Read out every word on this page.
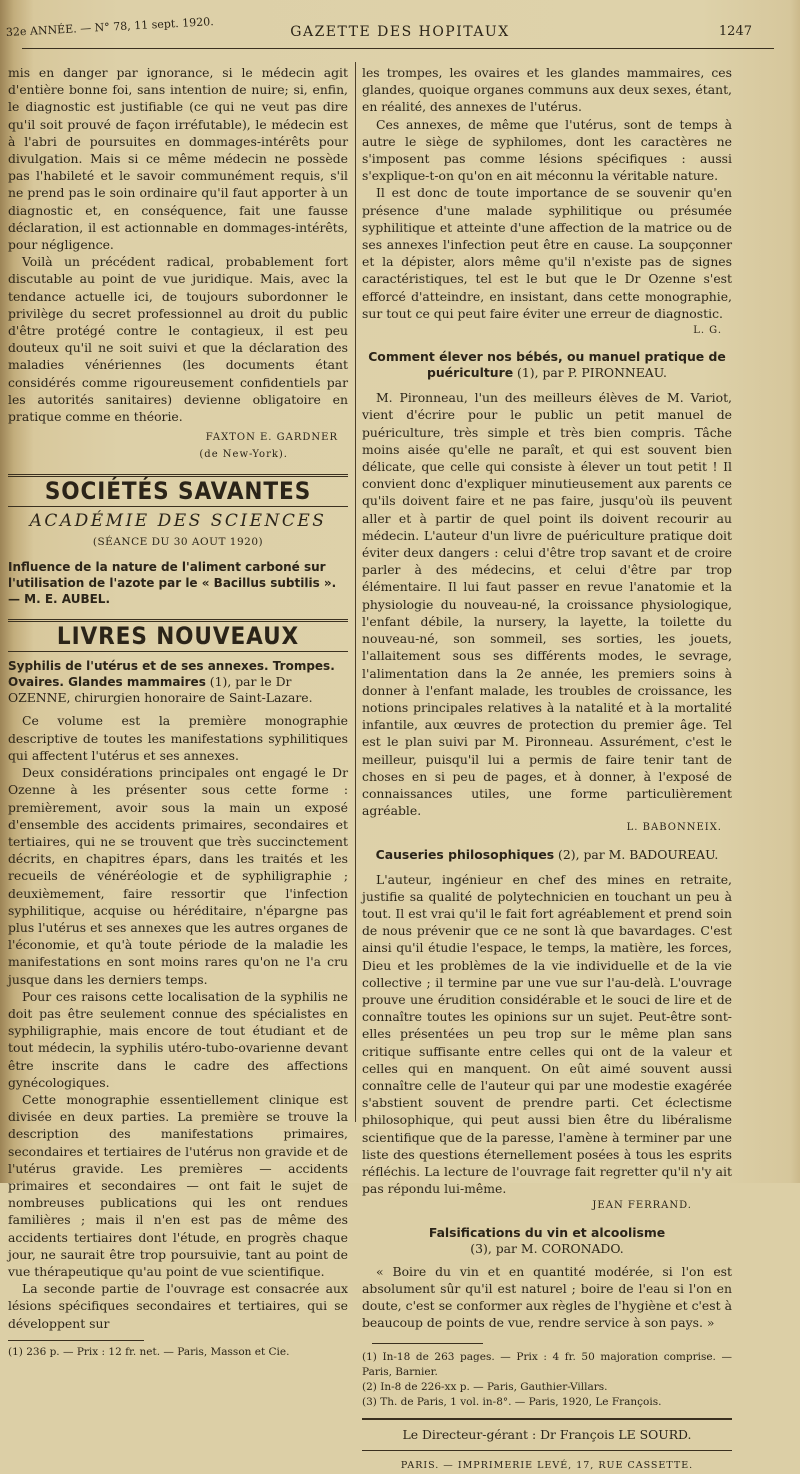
32e ANNÉE. — N° 78, 11 sept. 1920.	GAZETTE DES HOPITAUX	1247

mis en danger par ignorance, si le médecin agit d'entière bonne foi, sans intention de nuire; si, enfin, le diagnostic est justifiable (ce qui ne veut pas dire qu'il soit prouvé de façon irréfutable), le médecin est à l'abri de poursuites en dommages-intérêts pour divulgation. Mais si ce même médecin ne possède pas l'habileté et le savoir communément requis, s'il ne prend pas le soin ordinaire qu'il faut apporter à un diagnostic et, en conséquence, fait une fausse déclaration, il est actionnable en dommages-intérêts, pour négligence.

Voilà un précédent radical, probablement fort discutable au point de vue juridique. Mais, avec la tendance actuelle ici, de toujours subordonner le privilège du secret professionnel au droit du public d'être protégé contre le contagieux, il est peu douteux qu'il ne soit suivi et que la déclaration des maladies vénériennes (les documents étant considérés comme rigoureusement confidentiels par les autorités sanitaires) devienne obligatoire en pratique comme en théorie.

FAXTON E. GARDNER
(de New-York).
SOCIÉTÉS SAVANTES
ACADÉMIE DES SCIENCES
(SÉANCE DU 30 AOUT 1920)
Influence de la nature de l'aliment carboné sur l'utilisation de l'azote par le « Bacillus subtilis ». — M. E. AUBEL.
LIVRES NOUVEAUX
Syphilis de l'utérus et de ses annexes. Trompes. Ovaires. Glandes mammaires (1), par le Dr OZENNE, chirurgien honoraire de Saint-Lazare.

Ce volume est la première monographie descriptive de toutes les manifestations syphilitiques qui affectent l'utérus et ses annexes.

Deux considérations principales ont engagé le Dr Ozenne à les présenter sous cette forme : premièrement, avoir sous la main un exposé d'ensemble des accidents primaires, secondaires et tertiaires, qui ne se trouvent que très succinctement décrits, en chapitres épars, dans les traités et les recueils de vénéréologie et de syphiligraphie ; deuxièmement, faire ressortir que l'infection syphilitique, acquise ou héréditaire, n'épargne pas plus l'utérus et ses annexes que les autres organes de l'économie, et qu'à toute période de la maladie les manifestations en sont moins rares qu'on ne l'a cru jusque dans les derniers temps.

Pour ces raisons cette localisation de la syphilis ne doit pas être seulement connue des spécialistes en syphiligraphie, mais encore de tout étudiant et de tout médecin, la syphilis utéro-tubo-ovarienne devant être inscrite dans le cadre des affections gynécologiques.

Cette monographie essentiellement clinique est divisée en deux parties. La première se trouve la description des manifestations primaires, secondaires et tertiaires de l'utérus non gravide et de l'utérus gravide. Les premières — accidents primaires et secondaires — ont fait le sujet de nombreuses publications qui les ont rendues familières ; mais il n'en est pas de même des accidents tertiaires dont l'étude, en progrès chaque jour, ne saurait être trop poursuivie, tant au point de vue thérapeutique qu'au point de vue scientifique.

La seconde partie de l'ouvrage est consacrée aux lésions spécifiques secondaires et tertiaires, qui se développent sur

(1) 236 p. — Prix : 12 fr. net. — Paris, Masson et Cie.

les trompes, les ovaires et les glandes mammaires, ces glandes, quoique organes communs aux deux sexes, étant, en réalité, des annexes de l'utérus.

Ces annexes, de même que l'utérus, sont de temps à autre le siège de syphilomes, dont les caractères ne s'imposent pas comme lésions spécifiques : aussi s'explique-t-on qu'on en ait méconnu la véritable nature.

Il est donc de toute importance de se souvenir qu'en présence d'une malade syphilitique ou présumée syphilitique et atteinte d'une affection de la matrice ou de ses annexes l'infection peut être en cause. La soupçonner et la dépister, alors même qu'il n'existe pas de signes caractéristiques, tel est le but que le Dr Ozenne s'est efforcé d'atteindre, en insistant, dans cette monographie, sur tout ce qui peut faire éviter une erreur de diagnostic.

L. G.
Comment élever nos bébés, ou manuel pratique de puériculture (1), par P. PIRONNEAU.

M. Pironneau, l'un des meilleurs élèves de M. Variot, vient d'écrire pour le public un petit manuel de puériculture, très simple et très bien compris. Tâche moins aisée qu'elle ne paraît, et qui est souvent bien délicate, que celle qui consiste à élever un tout petit ! Il convient donc d'expliquer minutieusement aux parents ce qu'ils doivent faire et ne pas faire, jusqu'où ils peuvent aller et à partir de quel point ils doivent recourir au médecin. L'auteur d'un livre de puériculture pratique doit éviter deux dangers : celui d'être trop savant et de croire parler à des médecins, et celui d'être par trop élémentaire. Il lui faut passer en revue l'anatomie et la physiologie du nouveau-né, la croissance physiologique, l'enfant débile, la nursery, la layette, la toilette du nouveau-né, son sommeil, ses sorties, les jouets, l'allaitement sous ses différents modes, le sevrage, l'alimentation dans la 2e année, les premiers soins à donner à l'enfant malade, les troubles de croissance, les notions principales relatives à la natalité et à la mortalité infantile, aux œuvres de protection du premier âge. Tel est le plan suivi par M. Pironneau. Assurément, c'est le meilleur, puisqu'il lui a permis de faire tenir tant de choses en si peu de pages, et à donner, à l'exposé de connaissances utiles, une forme particulièrement agréable.

L. BABONNEIX.
Causeries philosophiques (2), par M. BADOUREAU.

L'auteur, ingénieur en chef des mines en retraite, justifie sa qualité de polytechnicien en touchant un peu à tout. Il est vrai qu'il le fait fort agréablement et prend soin de nous prévenir que ce ne sont là que bavardages. C'est ainsi qu'il étudie l'espace, le temps, la matière, les forces, Dieu et les problèmes de la vie individuelle et de la vie collective ; il termine par une vue sur l'au-delà. L'ouvrage prouve une érudition considérable et le souci de lire et de connaître toutes les opinions sur un sujet. Peut-être sont-elles présentées un peu trop sur le même plan sans critique suffisante entre celles qui ont de la valeur et celles qui en manquent. On eût aimé souvent aussi connaître celle de l'auteur qui par une modestie exagérée s'abstient souvent de prendre parti. Cet éclectisme philosophique, qui peut aussi bien être du libéralisme scientifique que de la paresse, l'amène à terminer par une liste des questions éternellement posées à tous les esprits réfléchis. La lecture de l'ouvrage fait regretter qu'il n'y ait pas répondu lui-même.

JEAN FERRAND.
Falsifications du vin et alcoolisme
(3), par M. CORONADO.

« Boire du vin et en quantité modérée, si l'on est absolument sûr qu'il est naturel ; boire de l'eau si l'on en doute, c'est se conformer aux règles de l'hygiène et c'est à beaucoup de points de vue, rendre service à son pays. »

(1) In-18 de 263 pages. — Prix : 4 fr. 50 majoration comprise. — Paris, Barnier.
(2) In-8 de 226-xx p. — Paris, Gauthier-Villars.
(3) Th. de Paris, 1 vol. in-8°. — Paris, 1920, Le François.
Le Directeur-gérant : Dr François LE SOURD.
PARIS. — IMPRIMERIE LEVÉ, 17, RUE CASSETTE.
